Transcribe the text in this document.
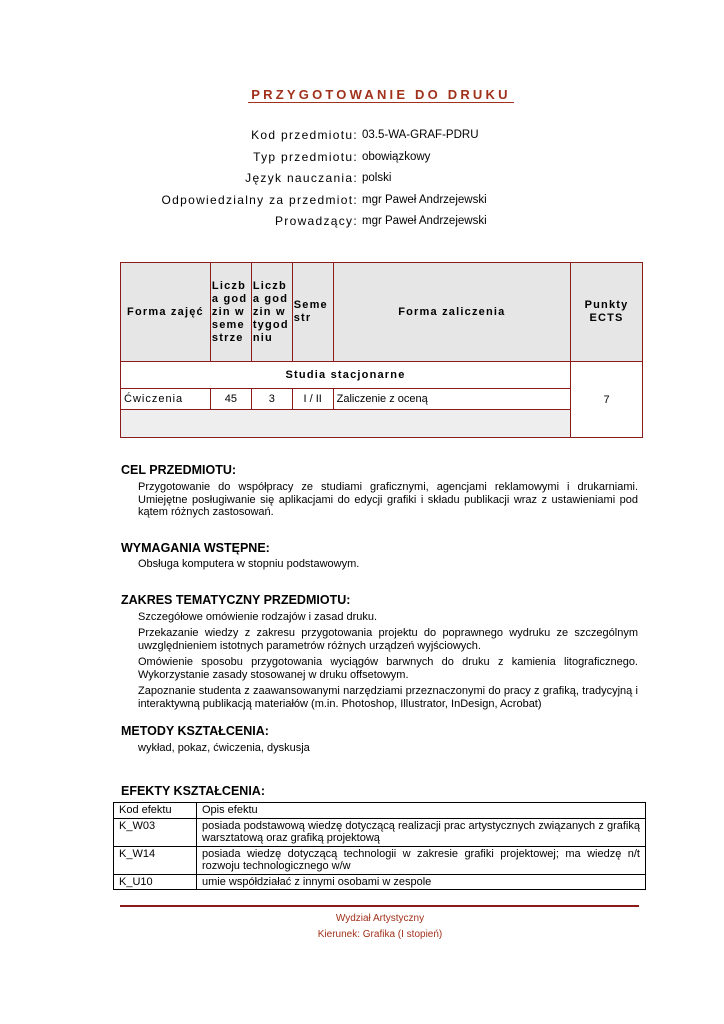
PRZYGOTOWANIE DO DRUKU
Kod przedmiotu: 03.5-WA-GRAF-PDRU
Typ przedmiotu: obowiązkowy
Język nauczania: polski
Odpowiedzialny za przedmiot: mgr Paweł Andrzejewski
Prowadzący: mgr Paweł Andrzejewski
Forma zajęć	Liczba godzin w semestrze	Liczba godzin w tygodniu	Semestr	Forma zaliczenia	Punkty ECTS
Studia stacjonarne					7
Ćwiczenia	45	3	I / II	Zaliczenie z oceną	

CEL PRZEDMIOTU:
Przygotowanie do współpracy ze studiami graficznymi, agencjami reklamowymi i drukarniami. Umiejętne posługiwanie się aplikacjami do edycji grafiki i składu publikacji wraz z ustawieniami pod kątem różnych zastosowań.
WYMAGANIA WSTĘPNE:
Obsługa komputera w stopniu podstawowym.
ZAKRES TEMATYCZNY PRZEDMIOTU:
Szczegółowe omówienie rodzajów i zasad druku.
Przekazanie wiedzy z zakresu przygotowania projektu do poprawnego wydruku ze szczególnym uwzględnieniem istotnych parametrów różnych urządzeń wyjściowych.
Omówienie sposobu przygotowania wyciągów barwnych do druku z kamienia litograficznego. Wykorzystanie zasady stosowanej w druku offsetowym.
Zapoznanie studenta z zaawansowanymi narzędziami przeznaczonymi do pracy z grafiką, tradycyjną i interaktywną publikacją materiałów (m.in. Photoshop, Illustrator, InDesign, Acrobat)
METODY KSZTAŁCENIA:
wykład, pokaz, ćwiczenia, dyskusja
EFEKTY KSZTAŁCENIA:
Kod efektu	Opis efektu
K_W03	posiada podstawową wiedzę dotyczącą realizacji prac artystycznych związanych z grafiką warsztatową oraz grafiką projektową
K_W14	posiada wiedzę dotyczącą technologii w zakresie grafiki projektowej; ma wiedzę n/t rozwoju technologicznego w/w
K_U10	umie współdziałać z innymi osobami w zespole
Wydział Artystyczny
Kierunek: Grafika (I stopień)
